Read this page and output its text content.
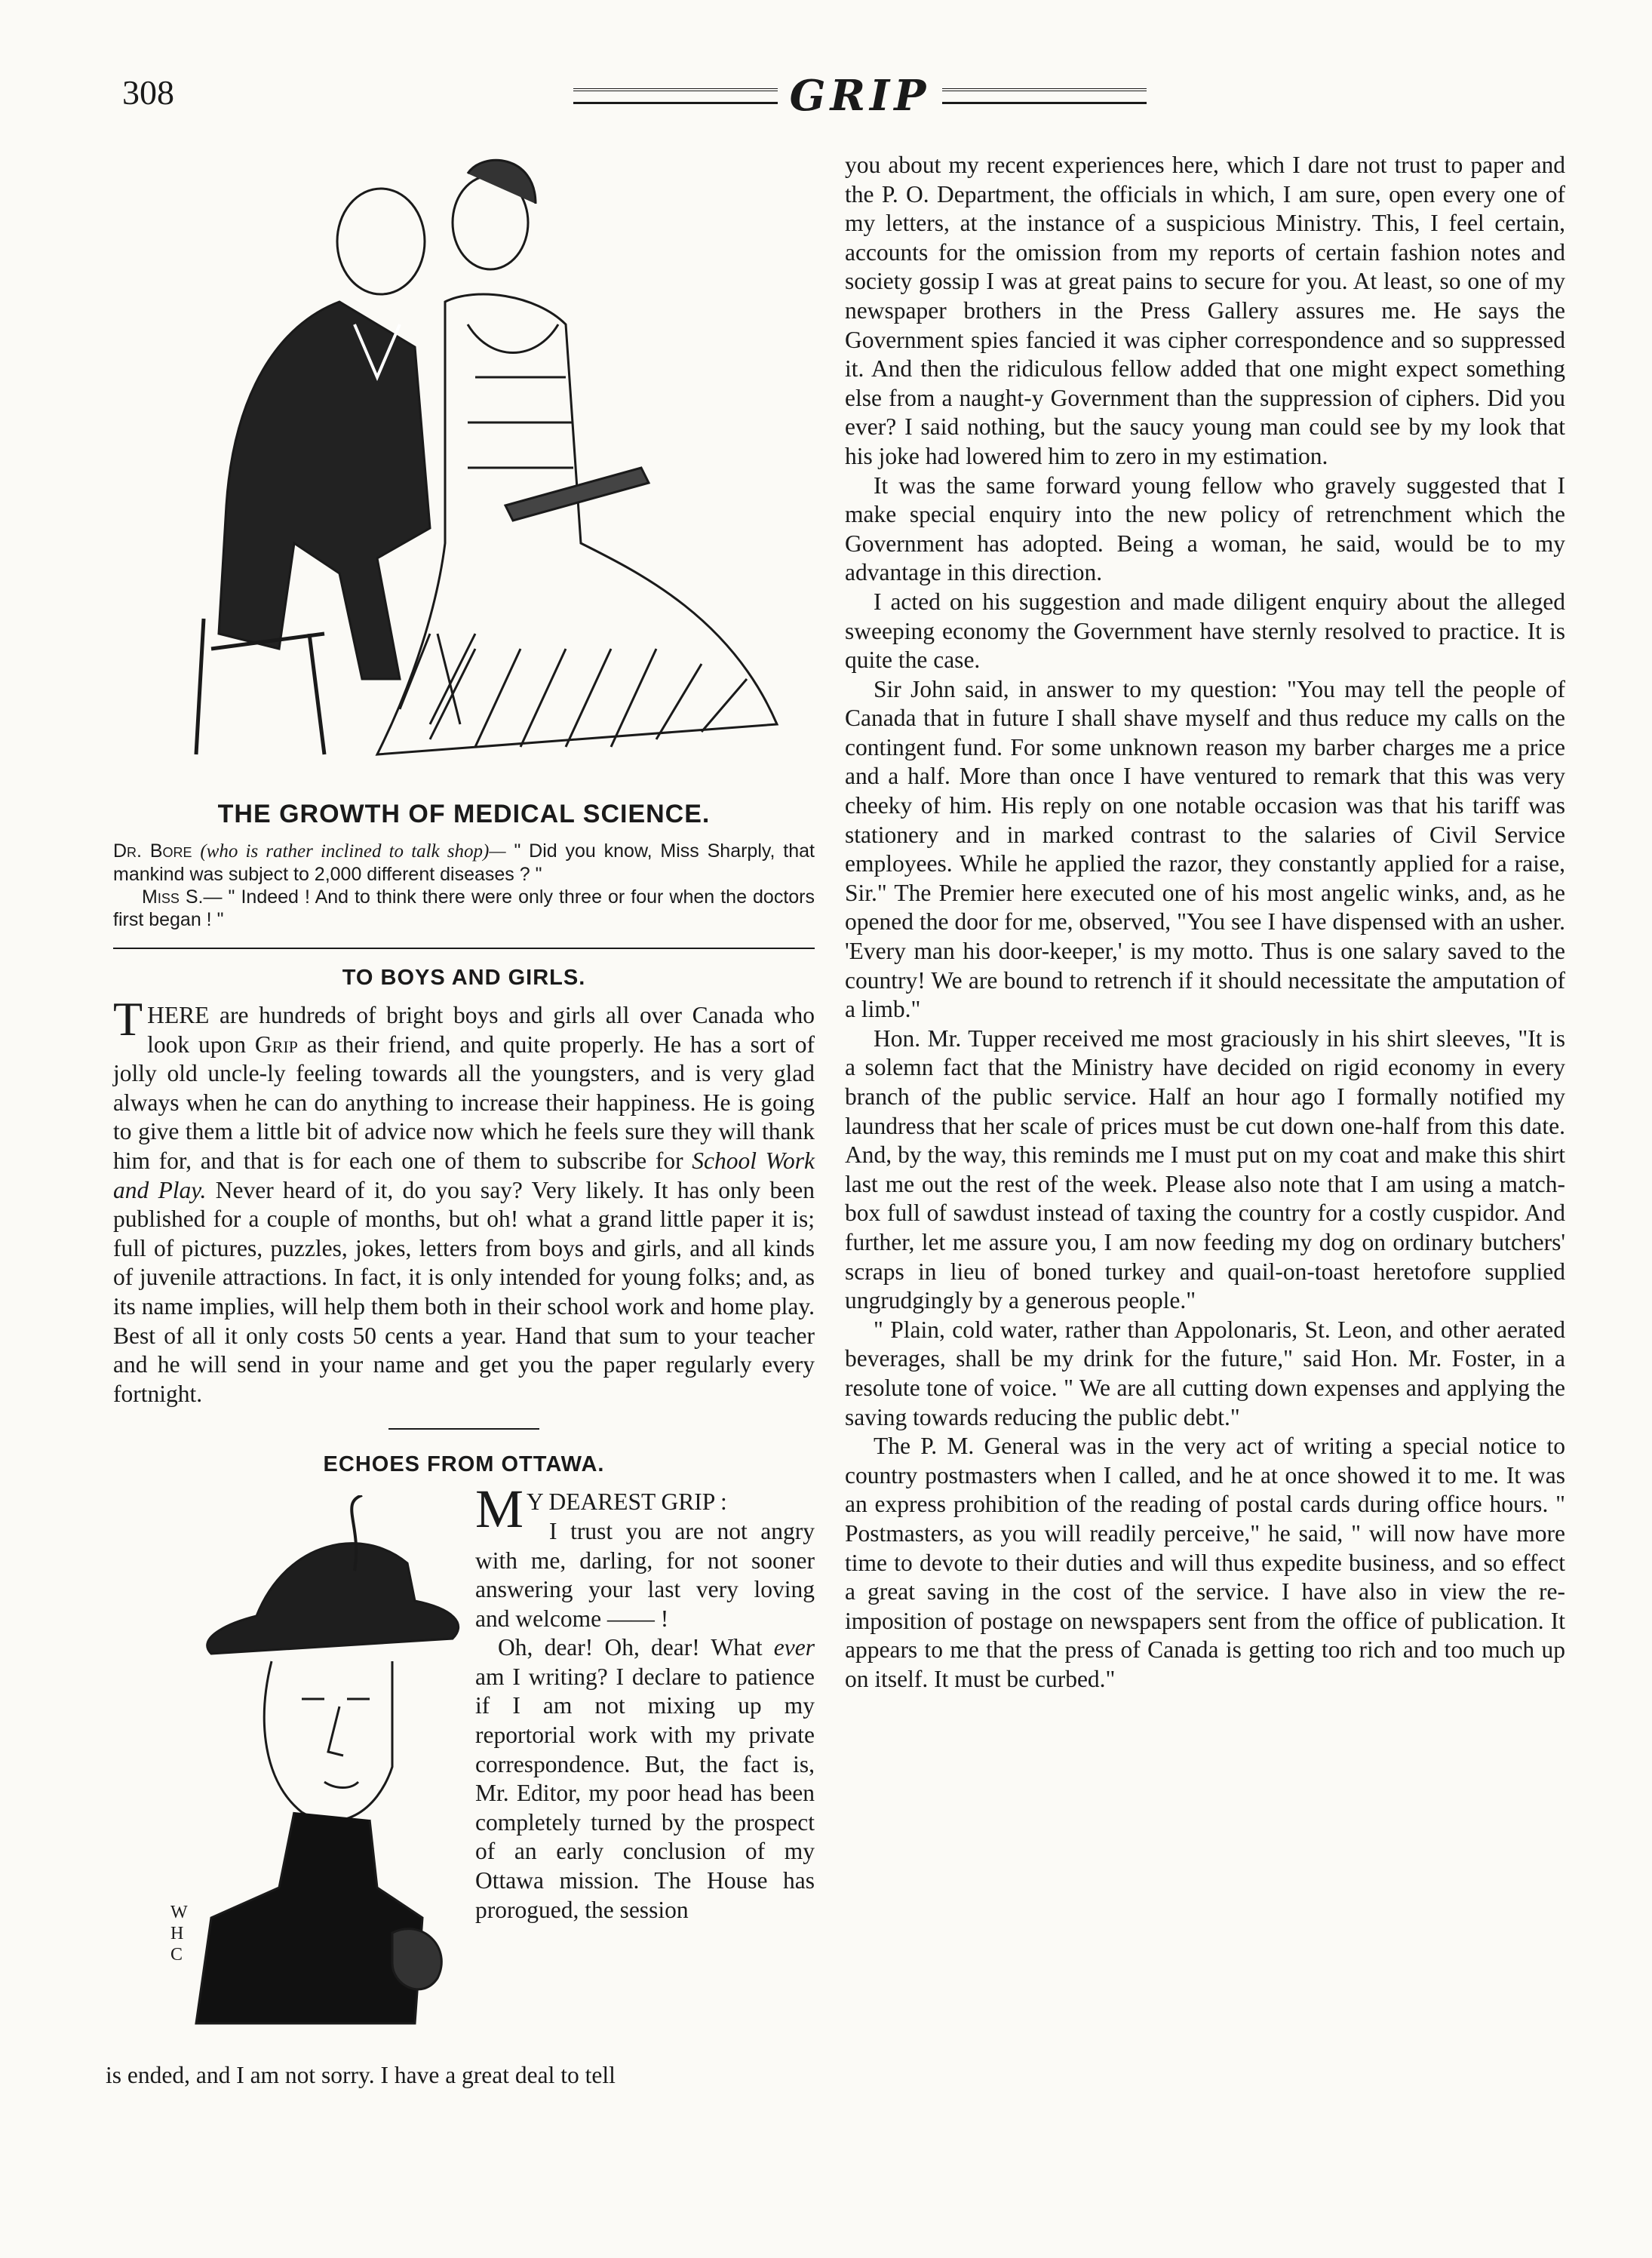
308	GRIP
THE GROWTH OF MEDICAL SCIENCE.

Dr. Bore (who is rather inclined to talk shop)— " Did you know, Miss Sharply, that mankind was subject to 2,000 different diseases ? "

Miss S.— " Indeed ! And to think there were only three or four when the doctors first began ! "

TO BOYS AND GIRLS.

THERE are hundreds of bright boys and girls all over Canada who look upon Grip as their friend, and quite properly. He has a sort of jolly old uncle-ly feeling towards all the youngsters, and is very glad always when he can do anything to increase their happiness. He is going to give them a little bit of advice now which he feels sure they will thank him for, and that is for each one of them to subscribe for School Work and Play. Never heard of it, do you say? Very likely. It has only been published for a couple of months, but oh! what a grand little paper it is; full of pictures, puzzles, jokes, letters from boys and girls, and all kinds of juvenile attractions. In fact, it is only intended for young folks; and, as its name implies, will help them both in their school work and home play. Best of all it only costs 50 cents a year. Hand that sum to your teacher and he will send in your name and get you the paper regularly every fortnight.

ECHOES FROM OTTAWA.
W H C

M Y DEAREST GRIP :

I trust you are not angry with me, darling, for not sooner answering your last very loving and welcome —— !

Oh, dear! Oh, dear! What ever am I writing? I declare to patience if I am not mixing up my reportorial work with my private correspondence. But, the fact is, Mr. Editor, my poor head has been completely turned by the prospect of an early conclusion of my Ottawa mission. The House has prorogued, the session

is ended, and I am not sorry. I have a great deal to tell

you about my recent experiences here, which I dare not trust to paper and the P. O. Department, the officials in which, I am sure, open every one of my letters, at the instance of a suspicious Ministry. This, I feel certain, accounts for the omission from my reports of certain fashion notes and society gossip I was at great pains to secure for you. At least, so one of my newspaper brothers in the Press Gallery assures me. He says the Government spies fancied it was cipher correspondence and so suppressed it. And then the ridiculous fellow added that one might expect something else from a naught-y Government than the suppression of ciphers. Did you ever? I said nothing, but the saucy young man could see by my look that his joke had lowered him to zero in my estimation.

It was the same forward young fellow who gravely suggested that I make special enquiry into the new policy of retrenchment which the Government has adopted. Being a woman, he said, would be to my advantage in this direction.

I acted on his suggestion and made diligent enquiry about the alleged sweeping economy the Government have sternly resolved to practice. It is quite the case.

Sir John said, in answer to my question: "You may tell the people of Canada that in future I shall shave myself and thus reduce my calls on the contingent fund. For some unknown reason my barber charges me a price and a half. More than once I have ventured to remark that this was very cheeky of him. His reply on one notable occasion was that his tariff was stationery and in marked contrast to the salaries of Civil Service employees. While he applied the razor, they constantly applied for a raise, Sir." The Premier here executed one of his most angelic winks, and, as he opened the door for me, observed, "You see I have dispensed with an usher. 'Every man his door-keeper,' is my motto. Thus is one salary saved to the country! We are bound to retrench if it should necessitate the amputation of a limb."

Hon. Mr. Tupper received me most graciously in his shirt sleeves, "It is a solemn fact that the Ministry have decided on rigid economy in every branch of the public service. Half an hour ago I formally notified my laundress that her scale of prices must be cut down one-half from this date. And, by the way, this reminds me I must put on my coat and make this shirt last me out the rest of the week. Please also note that I am using a match-box full of sawdust instead of taxing the country for a costly cuspidor. And further, let me assure you, I am now feeding my dog on ordinary butchers' scraps in lieu of boned turkey and quail-on-toast heretofore supplied ungrudgingly by a generous people."

" Plain, cold water, rather than Appolonaris, St. Leon, and other aerated beverages, shall be my drink for the future," said Hon. Mr. Foster, in a resolute tone of voice. " We are all cutting down expenses and applying the saving towards reducing the public debt."

The P. M. General was in the very act of writing a special notice to country postmasters when I called, and he at once showed it to me. It was an express prohibition of the reading of postal cards during office hours. " Postmasters, as you will readily perceive," he said, " will now have more time to devote to their duties and will thus expedite business, and so effect a great saving in the cost of the service. I have also in view the re-imposition of postage on newspapers sent from the office of publication. It appears to me that the press of Canada is getting too rich and too much up on itself. It must be curbed."
